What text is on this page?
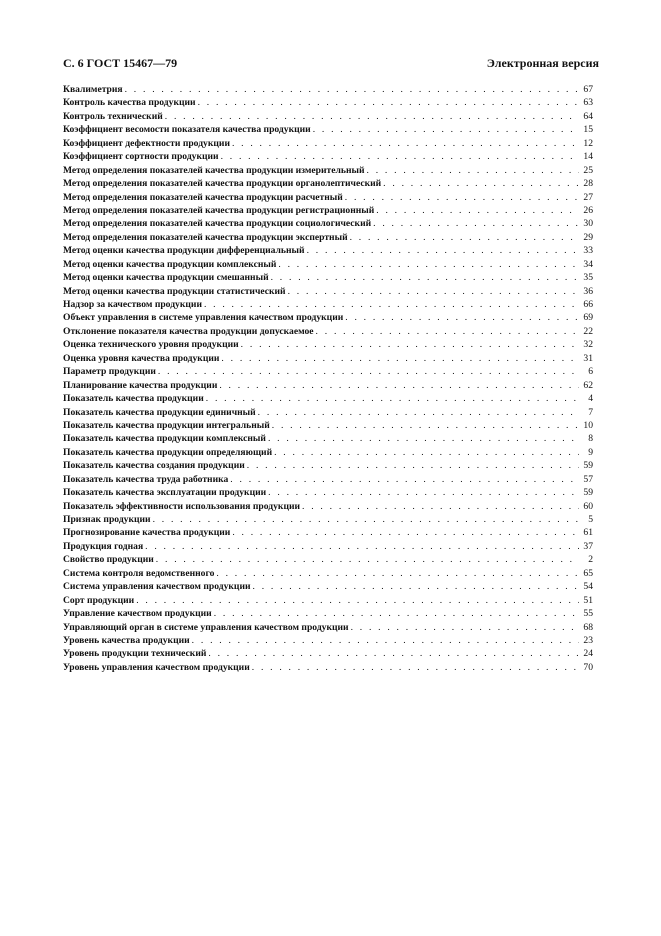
С. 6 ГОСТ 15467—79	Электронная версия
Квалиметрия . . .	67
Контроль качества продукции . . .	63
Контроль технический . . .	64
Коэффициент весомости показателя качества продукции . . .	15
Коэффициент дефектности продукции . . .	12
Коэффициент сортности продукции . . .	14
Метод определения показателей качества продукции измерительный . . .	25
Метод определения показателей качества продукции органолептический . . .	28
Метод определения показателей качества продукции расчетный . . .	27
Метод определения показателей качества продукции регистрационный . . .	26
Метод определения показателей качества продукции социологический . . .	30
Метод определения показателей качества продукции экспертный . . .	29
Метод оценки качества продукции дифференциальный . . .	33
Метод оценки качества продукции комплексный . . .	34
Метод оценки качества продукции смешанный . . .	35
Метод оценки качества продукции статистический . . .	36
Надзор за качеством продукции . . .	66
Объект управления в системе управления качеством продукции . . .	69
Отклонение показателя качества продукции допускаемое . . .	22
Оценка технического уровня продукции . . .	32
Оценка уровня качества продукции . . .	31
Параметр продукции . . .	6
Планирование качества продукции . . .	62
Показатель качества продукции . . .	4
Показатель качества продукции единичный . . .	7
Показатель качества продукции интегральный . . .	10
Показатель качества продукции комплексный . . .	8
Показатель качества продукции определяющий . . .	9
Показатель качества создания продукции . . .	59
Показатель качества труда работника . . .	57
Показатель качества эксплуатации продукции . . .	59
Показатель эффективности использования продукции . . .	60
Признак продукции . . .	5
Прогнозирование качества продукции . . .	61
Продукция годная . . .	37
Свойство продукции . . .	2
Система контроля ведомственного . . .	65
Система управления качеством продукции . . .	54
Сорт продукции . . .	51
Управление качеством продукции . . .	55
Управляющий орган в системе управления качеством продукции . . .	68
Уровень качества продукции . . .	23
Уровень продукции технический . . .	24
Уровень управления качеством продукции . . .	70
